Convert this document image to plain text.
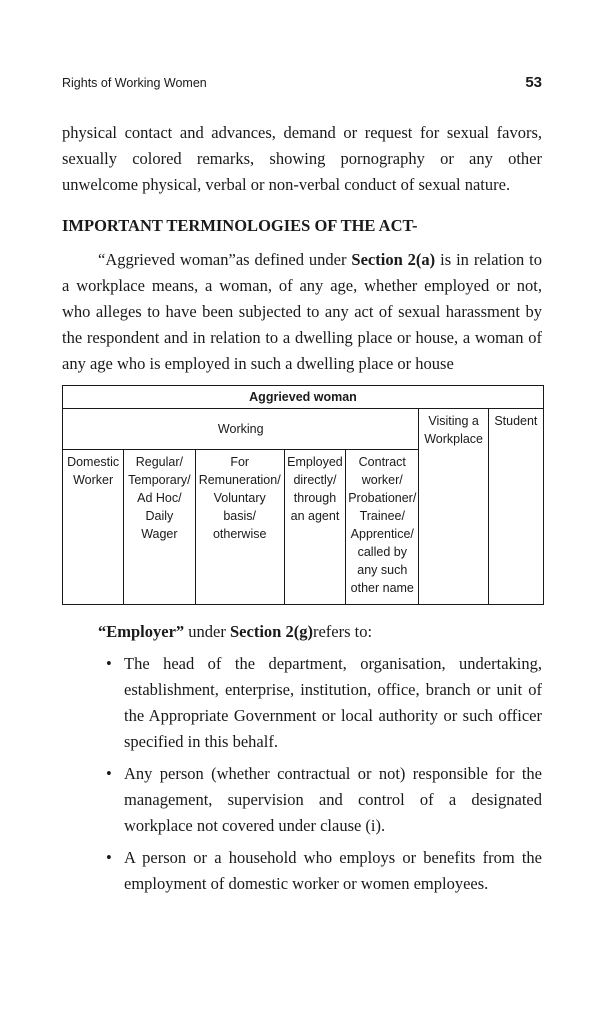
Rights of Working Women	53

physical contact and advances, demand or request for sexual favors, sexually colored remarks, showing pornography or any other unwelcome physical, verbal or non-verbal conduct of sexual nature.

IMPORTANT TERMINOLOGIES OF THE ACT-

“Aggrieved woman”as defined under Section 2(a) is in relation to a workplace means, a woman, of any age, whether employed or not, who alleges to have been subjected to any act of sexual harassment by the respondent and in relation to a dwelling place or house, a woman of any age who is employed in such a dwelling place or house

Aggrieved woman						
Working					Visiting a Workplace	Student
Domestic Worker	Regular/ Temporary/ Ad Hoc/ Daily Wager	For Remuneration/ Voluntary basis/ otherwise	Employed directly/ through an agent	Contract worker/ Probationer/ Trainee/ Apprentice/ called by any such other name		
“Employer” under Section 2(g)refers to:
• The head of the department, organisation, undertaking, establishment, enterprise, institution, office, branch or unit of the Appropriate Government or local authority or such officer specified in this behalf.
• Any person (whether contractual or not) responsible for the management, supervision and control of a designated workplace not covered under clause (i).
• A person or a household who employs or benefits from the employment of domestic worker or women employees.
